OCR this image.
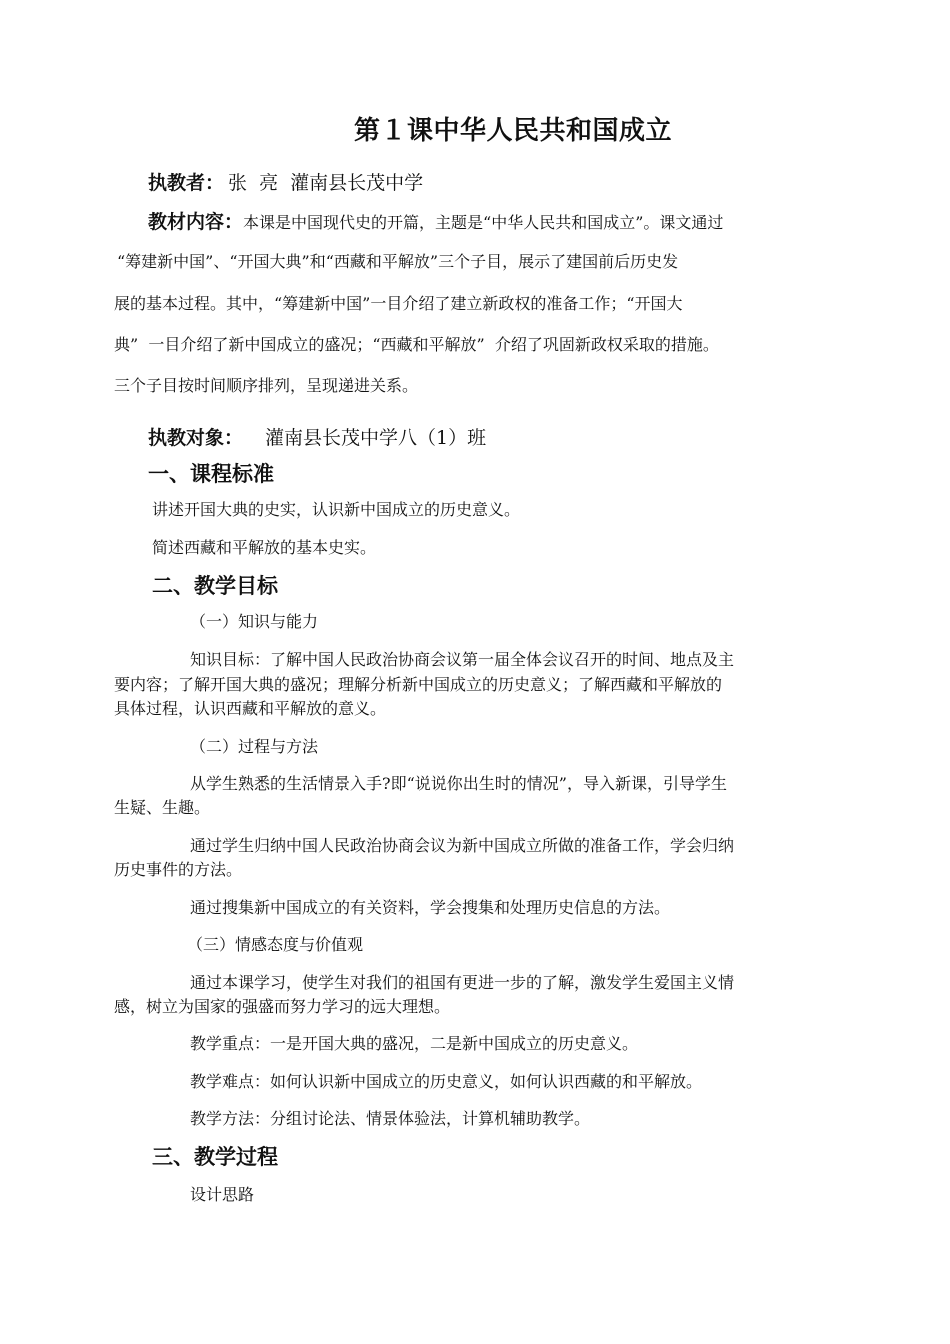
第１课中华人民共和国成立
执教者： 张  亮  灌南县长茂中学
教材内容：本课是中国现代史的开篇，主题是“中华人民共和国成立”。课文通过
“筹建新中国”、“开国大典”和“西藏和平解放”三个子目，展示了建国前后历史发
展的基本过程。其中，“筹建新中国”一目介绍了建立新政权的准备工作；“开国大
典”  一目介绍了新中国成立的盛况；“西藏和平解放”  介绍了巩固新政权采取的措施。
三个子目按时间顺序排列，呈现递进关系。
执教对象： 灌南县长茂中学八（1）班
一、课程标准
讲述开国大典的史实，认识新中国成立的历史意义。
简述西藏和平解放的基本史实。
二、教学目标
（一）知识与能力
知识目标：了解中国人民政治协商会议第一届全体会议召开的时间、地点及主
要内容；了解开国大典的盛况；理解分析新中国成立的历史意义；了解西藏和平解放的
具体过程，认识西藏和平解放的意义。
（二）过程与方法
从学生熟悉的生活情景入手?即“说说你出生时的情况”，导入新课，引导学生
生疑、生趣。
通过学生归纳中国人民政治协商会议为新中国成立所做的准备工作，学会归纳
历史事件的方法。
通过搜集新中国成立的有关资料，学会搜集和处理历史信息的方法。
（三）情感态度与价值观
通过本课学习，使学生对我们的祖国有更进一步的了解，激发学生爱国主义情
感，树立为国家的强盛而努力学习的远大理想。
教学重点：一是开国大典的盛况，二是新中国成立的历史意义。
教学难点：如何认识新中国成立的历史意义，如何认识西藏的和平解放。
教学方法：分组讨论法、情景体验法，计算机辅助教学。
三、教学过程
设计思路
